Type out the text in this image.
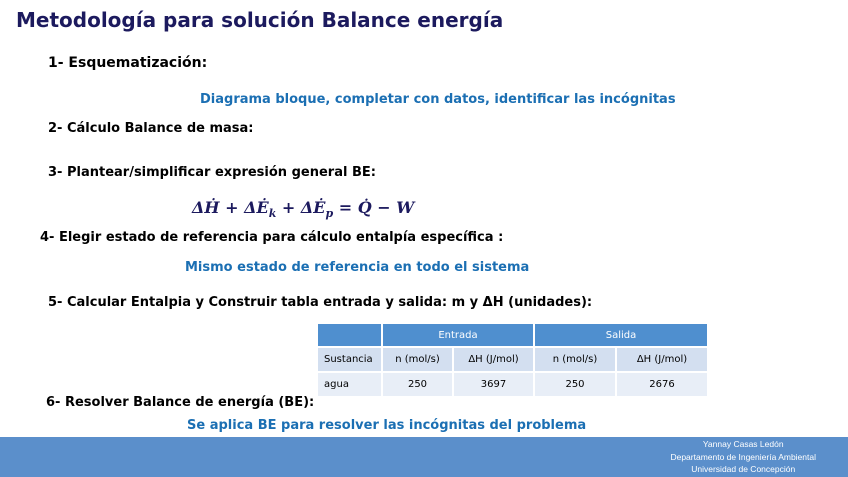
Metodología para solución Balance energía
1- Esquematización:
Diagrama bloque, completar con datos, identificar las incógnitas
2- Cálculo Balance de masa:
3- Plantear/simplificar expresión general BE:
ΔḢ + $\Delta Ė_k$ + $\Delta Ė_p$ = Q̇ − W
4- Elegir estado de referencia para cálculo entalpía específica :
Mismo estado de referencia en todo el sistema
5- Calcular Entalpia y Construir tabla entrada y salida: m y ΔH (unidades):
	Entrada		Salida	
Sustancia	n (mol/s)	ΔH (J/mol)	n (mol/s)	ΔH (J/mol)
agua	250	3697	250	2676
6- Resolver Balance de energía (BE):
Se aplica BE para resolver las incógnitas del problema
Yannay Casas Ledón
Departamento de Ingeniería Ambiental
Universidad de Concepción
